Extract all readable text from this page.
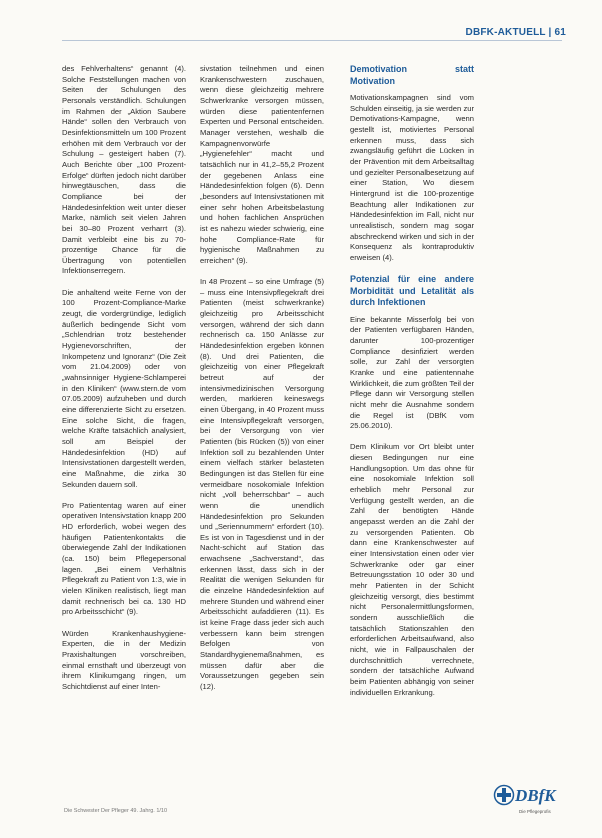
DBFK-AKTUELL | 61

des Fehlverhaltens“ genannt (4). Solche Feststellungen machen von Seiten der Schulungen des Personals verständlich. Schulungen im Rahmen der „Aktion Saubere Hände“ sollen den Verbrauch von Desinfektionsmitteln um 100 Prozent erhöhen mit dem Verbrauch vor der Schulung – gesteigert haben (7). Auch Berichte über „100 Prozent-Erfolge“ dürften jedoch nicht darüber hinwegtäuschen, dass die Compliance bei der Händedesinfektion weit unter dieser Marke, nämlich seit vielen Jahren bei 30–80 Prozent verharrt (3). Damit verbleibt eine bis zu 70-prozentige Chance für die Übertragung von potentiellen Infektionserregern.

Die anhaltend weite Ferne von der 100 Prozent-Compliance-Marke zeugt, die vordergründige, lediglich äußerlich bedingende Sicht vom „Schlendrian trotz bestehender Hygienevorschriften, der Inkompetenz und Ignoranz“ (Die Zeit vom 21.04.2009) oder von „wahnsinniger Hygiene-Schlamperei in den Kliniken“ (www.stern.de vom 07.05.2009) aufzuheben und durch eine differenzierte Sicht zu ersetzen. Eine solche Sicht, die fragen, welche Kräfte tatsächlich analysiert, soll am Beispiel der Händedesinfektion (HD) auf Intensivstationen dargestellt werden, eine Maßnahme, die zirka 30 Sekunden dauern soll.

Pro Patiententag waren auf einer operativen Intensivstation knapp 200 HD erforderlich, wobei wegen des häufigen Patientenkontakts die überwiegende Zahl der Indikationen (ca. 150) beim Pflegepersonal lagen. „Bei einem Verhältnis Pflegekraft zu Patient von 1:3, wie in vielen Kliniken realistisch, liegt man damit rechnerisch bei ca. 130 HD pro Arbeitsschicht“ (9).

Würden Krankenhaushygiene-Experten, die in der Medizin Praxishaltungen vorschreiben, einmal ernsthaft und überzeugt von ihrem Klinikumgang ringen, um Schichtdienst auf einer Inten-

sivstation teilnehmen und einen Krankenschwestern zuschauen, wenn diese gleichzeitig mehrere Schwerkranke versorgen müssen, würden diese patientenfernen Experten und Personal entscheiden. Manager verstehen, weshalb die Kampagnenvorwürfe „Hygienefehler“ macht und tatsächlich nur in 41,2–55,2 Prozent der gegebenen Anlass eine Händedesinfektion folgen (6). Denn „besonders auf Intensivstationen mit einer sehr hohen Arbeitsbelastung und hohen fachlichen Ansprüchen ist es nahezu wieder schwierig, eine hohe Compliance-Rate für hygienische Maßnahmen zu erreichen“ (9).

In 48 Prozent – so eine Umfrage (5) – muss eine Intensivpflegekraft drei Patienten (meist schwerkranke) gleichzeitig pro Arbeitsschicht versorgen, während der sich dann rechnerisch ca. 150 Anlässe zur Händedesinfektion ergeben können (8). Und drei Patienten, die gleichzeitig von einer Pflegekraft betreut auf der intensivmedizinischen Versorgung werden, markieren keineswegs einen Übergang, in 40 Prozent muss eine Intensivpflegekraft versorgen, bei der Versorgung von vier Patienten (bis Rücken (5)) von einer Infektion soll zu bezahlenden Unter einem vielfach stärker belasteten Bedingungen ist das Stellen für eine vermeidbare nosokomiale Infektion nicht „voll beherrschbar“ – auch wenn die unendlich Händedesinfektion pro Sekunden und „Seriennummern“ erfordert (10). Es ist von in Tagesdienst und in der Nacht-schicht auf Station das erwachsene „Sachverstand“, das erkennen lässt, dass sich in der Realität die wenigen Sekunden für die einzelne Händedesinfektion auf mehrere Stunden und während einer Arbeitsschicht aufaddieren (11). Es ist keine Frage dass jeder sich auch verbessern kann beim strengen Befolgen von Standardhygienemaßnahmen, es müssen dafür aber die Voraussetzungen gegeben sein (12).

Demotivation statt Motivation

Motivationskampagnen sind vom Schulden einseitig, ja sie werden zur Demotivations-Kampagne, wenn gestellt ist, motiviertes Personal erkennen muss, dass sich zwangsläufig geführt die Lücken in der Prävention mit dem Arbeitsalltag und gezielter Personalbesetzung auf einer Station, Wo diesem Hintergrund ist die 100-prozentige Beachtung aller Indikationen zur Händedesinfektion im Fall, nicht nur unrealistisch, sondern mag sogar abschreckend wirken und sich in der Konsequenz als kontraproduktiv erweisen (4).

Potenzial für eine andere Morbidität und Letalität als durch Infektionen

Eine bekannte Misserfolg bei von der Patienten verfügbaren Händen, darunter 100-prozentiger Compliance desinfiziert werden solle, zur Zahl der versorgten Kranke und eine patientennahe Wirklichkeit, die zum größten Teil der Pflege dann wir Versorgung stellen nicht mehr die Ausnahme sondern die Regel ist (DBfK vom 25.06.2010).

Dem Klinikum vor Ort bleibt unter diesen Bedingungen nur eine Handlungsoption. Um das ohne für eine nosokomiale Infektion soll erheblich mehr Personal zur Verfügung gestellt werden, an die Zahl der benötigten Hände angepasst werden an die Zahl der zu versorgenden Patienten. Ob dann eine Krankenschwester auf einer Intensivstation einen oder vier Schwerkranke oder gar einer Betreuungsstation 10 oder 30 und mehr Patienten in der Schicht gleichzeitig versorgt, dies bestimmt nicht Personalermittlungsformen, sondern ausschließlich die tatsächlich Stationszahlen den erforderlichen Arbeitsaufwand, also nicht, wie in Fallpauschalen der durchschnittlich verrechnete, sondern der tatsächliche Aufwand beim Patienten abhängig von seiner individuellen Erkrankung.

Die Schwester Der Pfleger 49. Jahrg. 1/10
DBfK
Die Pflegeprofis
